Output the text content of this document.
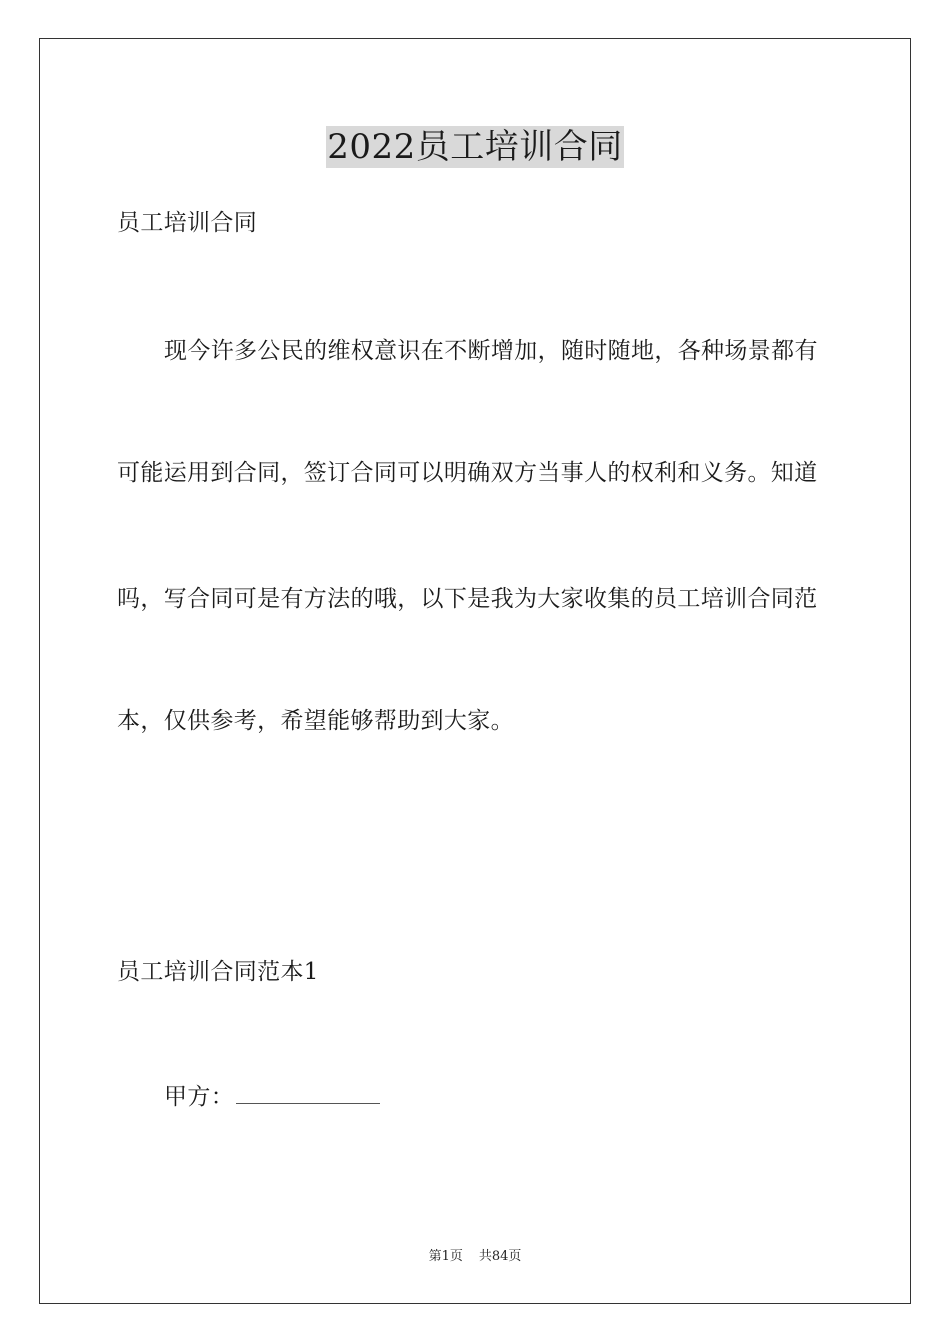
2022员工培训合同

员工培训合同

现今许多公民的维权意识在不断增加，随时随地，各种场景都有

可能运用到合同，签订合同可以明确双方当事人的权利和义务。知道

吗，写合同可是有方法的哦，以下是我为大家收集的员工培训合同范

本，仅供参考，希望能够帮助到大家。

员工培训合同范本1

甲方：

第1页 共84页
